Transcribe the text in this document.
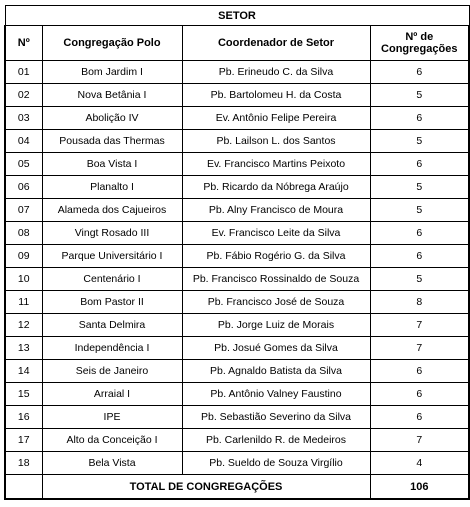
SETOR			
Nº	Congregação Polo	Coordenador de Setor	Nº de Congregações
01	Bom Jardim I	Pb. Erineudo C. da Silva	6
02	Nova Betânia I	Pb. Bartolomeu H. da Costa	5
03	Abolição IV	Ev. Antônio Felipe Pereira	6
04	Pousada das Thermas	Pb. Lailson L. dos Santos	5
05	Boa Vista I	Ev. Francisco Martins Peixoto	6
06	Planalto I	Pb. Ricardo da Nóbrega Araújo	5
07	Alameda dos Cajueiros	Pb. Alny Francisco de Moura	5
08	Vingt Rosado III	Ev. Francisco Leite da Silva	6
09	Parque Universitário I	Pb. Fábio Rogério G. da Silva	6
10	Centenário I	Pb. Francisco Rossinaldo de Souza	5
11	Bom Pastor II	Pb. Francisco José de Souza	8
12	Santa Delmira	Pb. Jorge Luiz de Morais	7
13	Independência I	Pb. Josué Gomes da Silva	7
14	Seis de Janeiro	Pb. Agnaldo Batista da Silva	6
15	Arraial I	Pb. Antônio Valney Faustino	6
16	IPE	Pb. Sebastião Severino da Silva	6
17	Alto da Conceição I	Pb. Carlenildo R. de Medeiros	7
18	Bela Vista	Pb. Sueldo de Souza Virgílio	4
	TOTAL DE CONGREGAÇÕES		106
